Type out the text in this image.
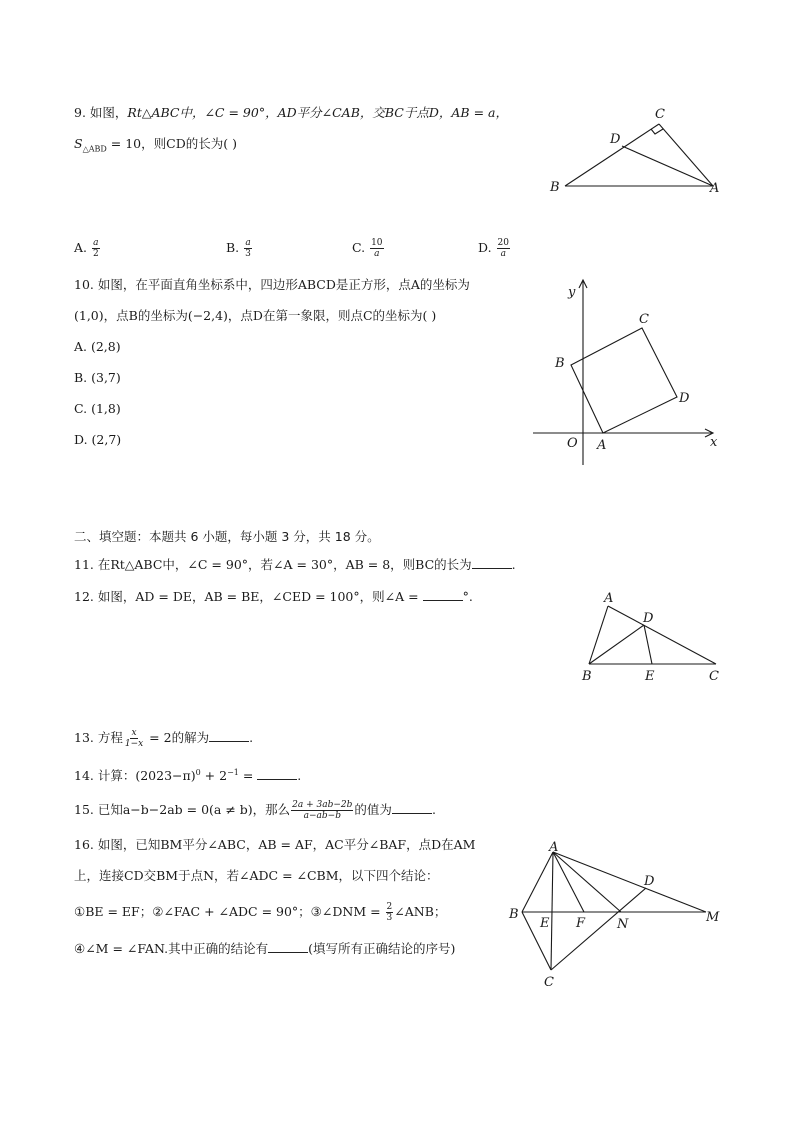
9. 如图，Rt△ABC中，∠C = 90°，AD平分∠CAB，交BC于点D，AB = a，
$S_{\triangle ABD} = 10$，则CD的长为( )
C
D
B	A
A. $\frac{a}{2}$	B. $\frac{a}{3}$	C. $\frac{10}{a}$	D. $\frac{20}{a}$
10. 如图，在平面直角坐标系中，四边形ABCD是正方形，点A的坐标为
(1,0)，点B的坐标为(−2,4)，点D在第一象限，则点C的坐标为( )
A. (2,8)
B. (3,7)
C. (1,8)
D. (2,7)
y
x
O A
B
C
D
二、填空题：本题共 6 小题，每小题 3 分，共 18 分。
11. 在Rt△ABC中，∠C = 90°，若∠A = 30°，AB = 8，则BC的长为	.
12. 如图，AD = DE，AB = BE，∠CED = 100°，则∠A =	°.	A
D
B	E	C
13. 方程 $\frac{x}{1-x} = 2$的解为	.
14. 计算：$(2023-\pi)^0 + 2^{-1}$ =	.
15. 已知a−b−2ab = 0(a ≠ b)，那么 $\frac{2a + 3ab-2b}{a-ab-b}$ 的值为	.
16. 如图，已知BM平分∠ABC，AB = AF，AC平分∠BAF，点D在AM
上，连接CD交BM于点N，若∠ADC = ∠CBM，以下四个结论：
①BE = EF；②∠FAC + ∠ADC = 90°；③∠DNM = $\frac{2}{3}$ ∠ANB；
④∠M = ∠FAN.其中正确的结论有	(填写所有正确结论的序号)
A
D
B
E F N	M
C
